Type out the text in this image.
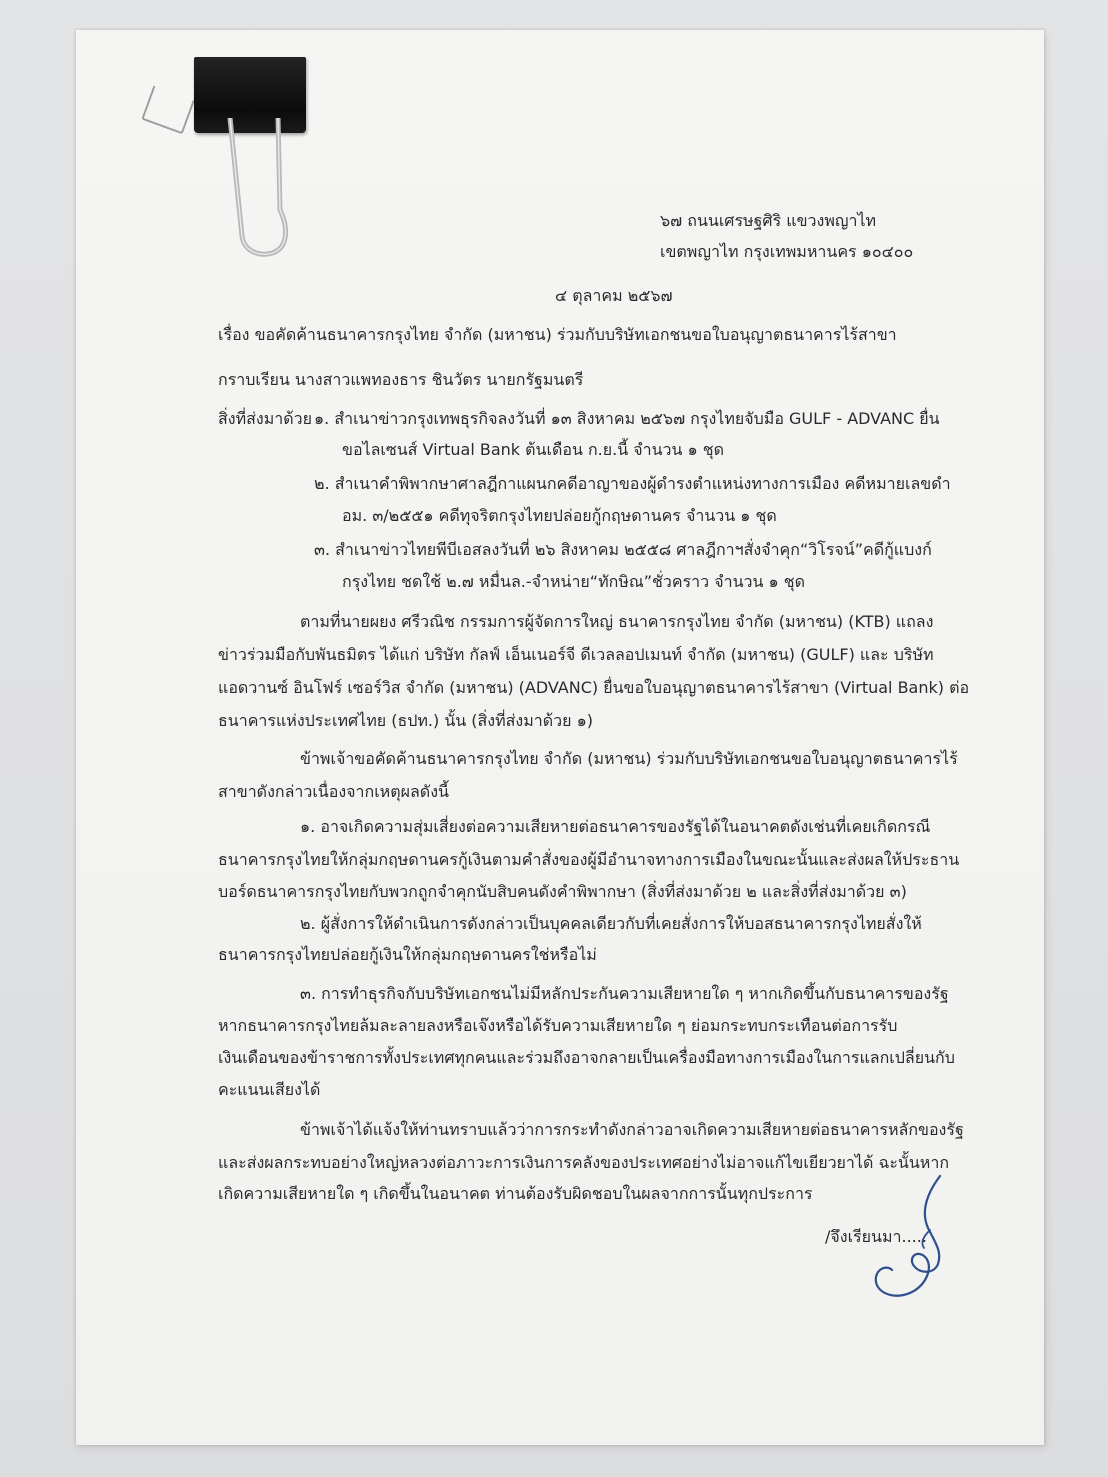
๖๗ ถนนเศรษฐศิริ แขวงพญาไท
เขตพญาไท กรุงเทพมหานคร ๑๐๔๐๐
๔ ตุลาคม ๒๕๖๗
เรื่อง ขอคัดค้านธนาคารกรุงไทย จำกัด (มหาชน) ร่วมกับบริษัทเอกชนขอใบอนุญาตธนาคารไร้สาขา
กราบเรียน นางสาวแพทองธาร ชินวัตร นายกรัฐมนตรี
สิ่งที่ส่งมาด้วย ๑. สำเนาข่าวกรุงเทพธุรกิจลงวันที่ ๑๓ สิงหาคม ๒๕๖๗ กรุงไทยจับมือ GULF - ADVANC ยื่น
ขอไลเซนส์ Virtual Bank ต้นเดือน ก.ย.นี้ จำนวน ๑ ชุด
๒. สำเนาคำพิพากษาศาลฎีกาแผนกคดีอาญาของผู้ดำรงตำแหน่งทางการเมือง คดีหมายเลขดำ
อม. ๓/๒๕๕๑ คดีทุจริตกรุงไทยปล่อยกู้กฤษดานคร จำนวน ๑ ชุด
๓. สำเนาข่าวไทยพีบีเอสลงวันที่ ๒๖ สิงหาคม ๒๕๕๘ ศาลฎีกาฯสั่งจำคุก“วิโรจน์”คดีกู้แบงก์
กรุงไทย ชดใช้ ๒.๗ หมื่นล.-จำหน่าย“ทักษิณ”ชั่วคราว จำนวน ๑ ชุด
ตามที่นายผยง ศรีวณิช กรรมการผู้จัดการใหญ่ ธนาคารกรุงไทย จำกัด (มหาชน) (KTB) แถลง
ข่าวร่วมมือกับพันธมิตร ได้แก่ บริษัท กัลฟ์ เอ็นเนอร์จี ดีเวลลอปเมนท์ จำกัด (มหาชน) (GULF) และ บริษัท
แอดวานซ์ อินโฟร์ เซอร์วิส จำกัด (มหาชน) (ADVANC) ยื่นขอใบอนุญาตธนาคารไร้สาขา (Virtual Bank) ต่อ
ธนาคารแห่งประเทศไทย (ธปท.) นั้น (สิ่งที่ส่งมาด้วย ๑)
ข้าพเจ้าขอคัดค้านธนาคารกรุงไทย จำกัด (มหาชน) ร่วมกับบริษัทเอกชนขอใบอนุญาตธนาคารไร้
สาขาดังกล่าวเนื่องจากเหตุผลดังนี้
๑. อาจเกิดความสุ่มเสี่ยงต่อความเสียหายต่อธนาคารของรัฐได้ในอนาคตดังเช่นที่เคยเกิดกรณี
ธนาคารกรุงไทยให้กลุ่มกฤษดานครกู้เงินตามคำสั่งของผู้มีอำนาจทางการเมืองในขณะนั้นและส่งผลให้ประธาน
บอร์ดธนาคารกรุงไทยกับพวกถูกจำคุกนับสิบคนดังคำพิพากษา (สิ่งที่ส่งมาด้วย ๒ และสิ่งที่ส่งมาด้วย ๓)
๒. ผู้สั่งการให้ดำเนินการดังกล่าวเป็นบุคคลเดียวกับที่เคยสั่งการให้บอสธนาคารกรุงไทยสั่งให้
ธนาคารกรุงไทยปล่อยกู้เงินให้กลุ่มกฤษดานครใช่หรือไม่
๓. การทำธุรกิจกับบริษัทเอกชนไม่มีหลักประกันความเสียหายใด ๆ หากเกิดขึ้นกับธนาคารของรัฐ
หากธนาคารกรุงไทยล้มละลายลงหรือเจ๊งหรือได้รับความเสียหายใด ๆ ย่อมกระทบกระเทือนต่อการรับ
เงินเดือนของข้าราชการทั้งประเทศทุกคนและร่วมถึงอาจกลายเป็นเครื่องมือทางการเมืองในการแลกเปลี่ยนกับ
คะแนนเสียงได้
ข้าพเจ้าได้แจ้งให้ท่านทราบแล้วว่าการกระทำดังกล่าวอาจเกิดความเสียหายต่อธนาคารหลักของรัฐ
และส่งผลกระทบอย่างใหญ่หลวงต่อภาวะการเงินการคลังของประเทศอย่างไม่อาจแก้ไขเยียวยาได้ ฉะนั้นหาก
เกิดความเสียหายใด ๆ เกิดขึ้นในอนาคต ท่านต้องรับผิดชอบในผลจากการนั้นทุกประการ
/จึงเรียนมา.....
